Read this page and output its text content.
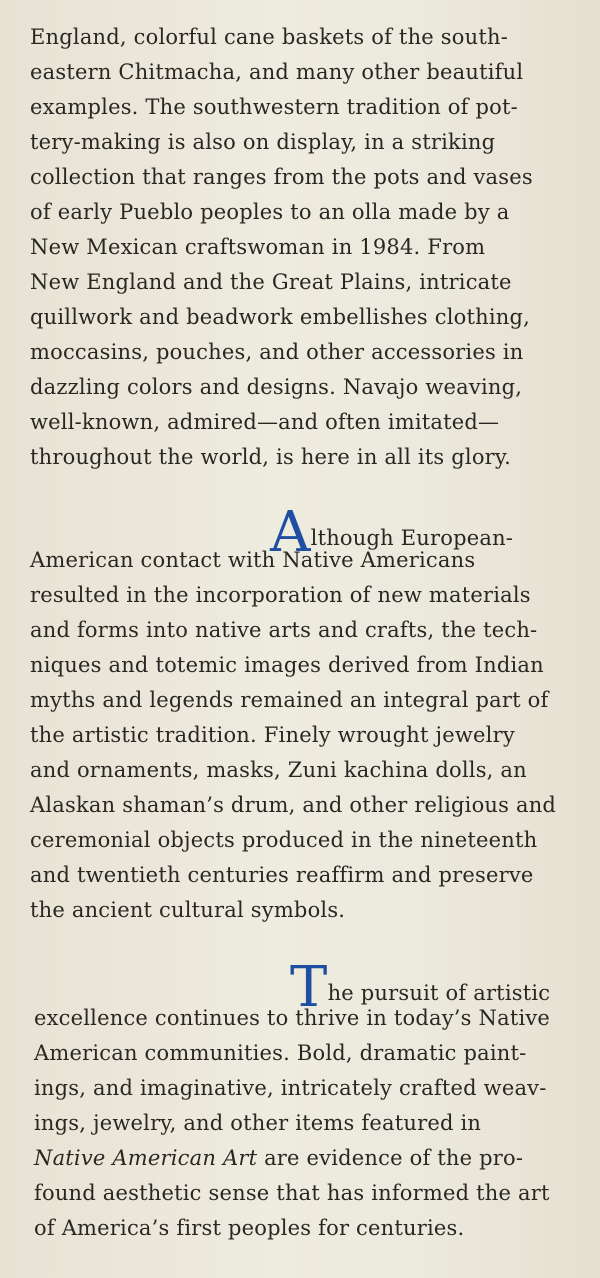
England, colorful cane baskets of the south-
eastern Chitmacha, and many other beautiful
examples. The southwestern tradition of pot-
tery-making is also on display, in a striking
collection that ranges from the pots and vases
of early Pueblo peoples to an olla made by a
New Mexican craftswoman in 1984. From
New England and the Great Plains, intricate
quillwork and beadwork embellishes clothing,
moccasins, pouches, and other accessories in
dazzling colors and designs. Navajo weaving,
well-known, admired—and often imitated—
throughout the world, is here in all its glory.
Although European-
American contact with Native Americans
resulted in the incorporation of new materials
and forms into native arts and crafts, the tech-
niques and totemic images derived from Indian
myths and legends remained an integral part of
the artistic tradition. Finely wrought jewelry
and ornaments, masks, Zuni kachina dolls, an
Alaskan shaman’s drum, and other religious and
ceremonial objects produced in the nineteenth
and twentieth centuries reaffirm and preserve
the ancient cultural symbols.
The pursuit of artistic
excellence continues to thrive in today’s Native
American communities. Bold, dramatic paint-
ings, and imaginative, intricately crafted weav-
ings, jewelry, and other items featured in
Native American Art are evidence of the pro-
found aesthetic sense that has informed the art
of America’s first peoples for centuries.
